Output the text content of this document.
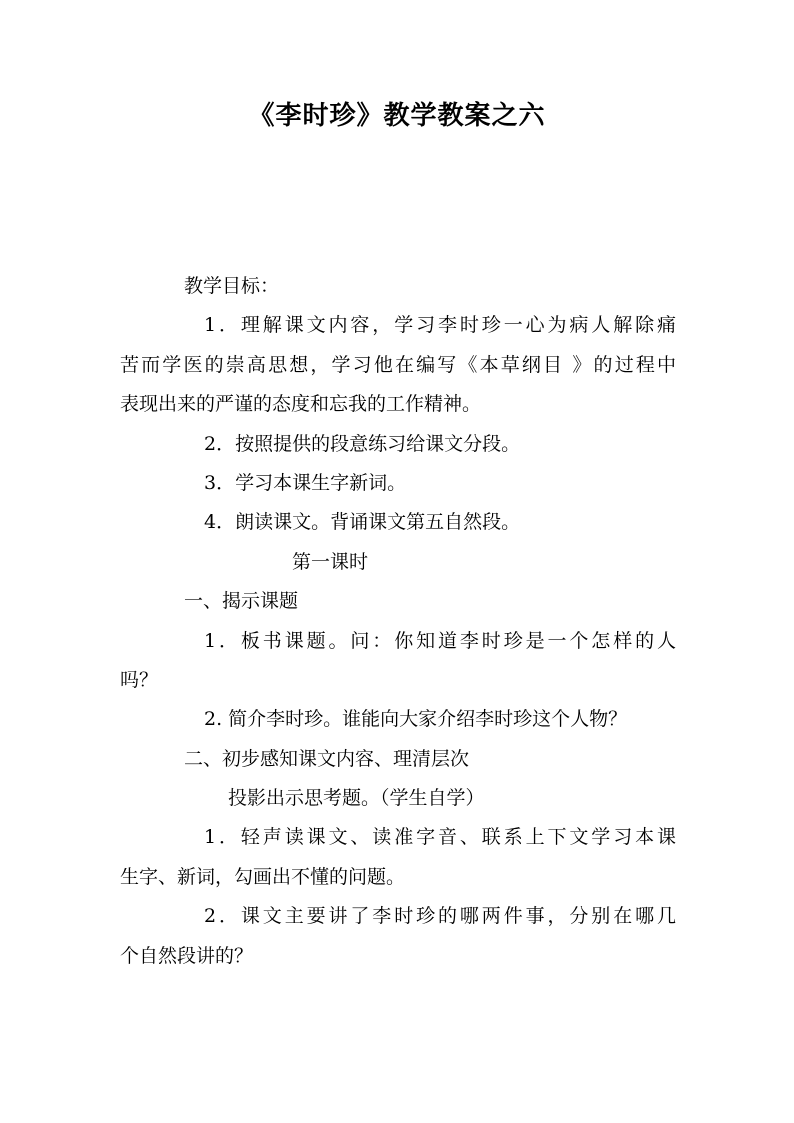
《李时珍》教学教案之六
教学目标：
1．理解课文内容，学习李时珍一心为病人解除痛
苦而学医的崇高思想，学习他在编写《本草纲目 》的过程中
表现出来的严谨的态度和忘我的工作精神。
2．按照提供的段意练习给课文分段。
3．学习本课生字新词。
4．朗读课文。背诵课文第五自然段。
第一课时
一、揭示课题
1．板书课题。问：你知道李时珍是一个怎样的人
吗？
2. 简介李时珍。谁能向大家介绍李时珍这个人物？
二、初步感知课文内容、理清层次
投影出示思考题。（学生自学）
1．轻声读课文、读准字音、联系上下文学习本课
生字、新词，勾画出不懂的问题。
2．课文主要讲了李时珍的哪两件事，分别在哪几
个自然段讲的？
